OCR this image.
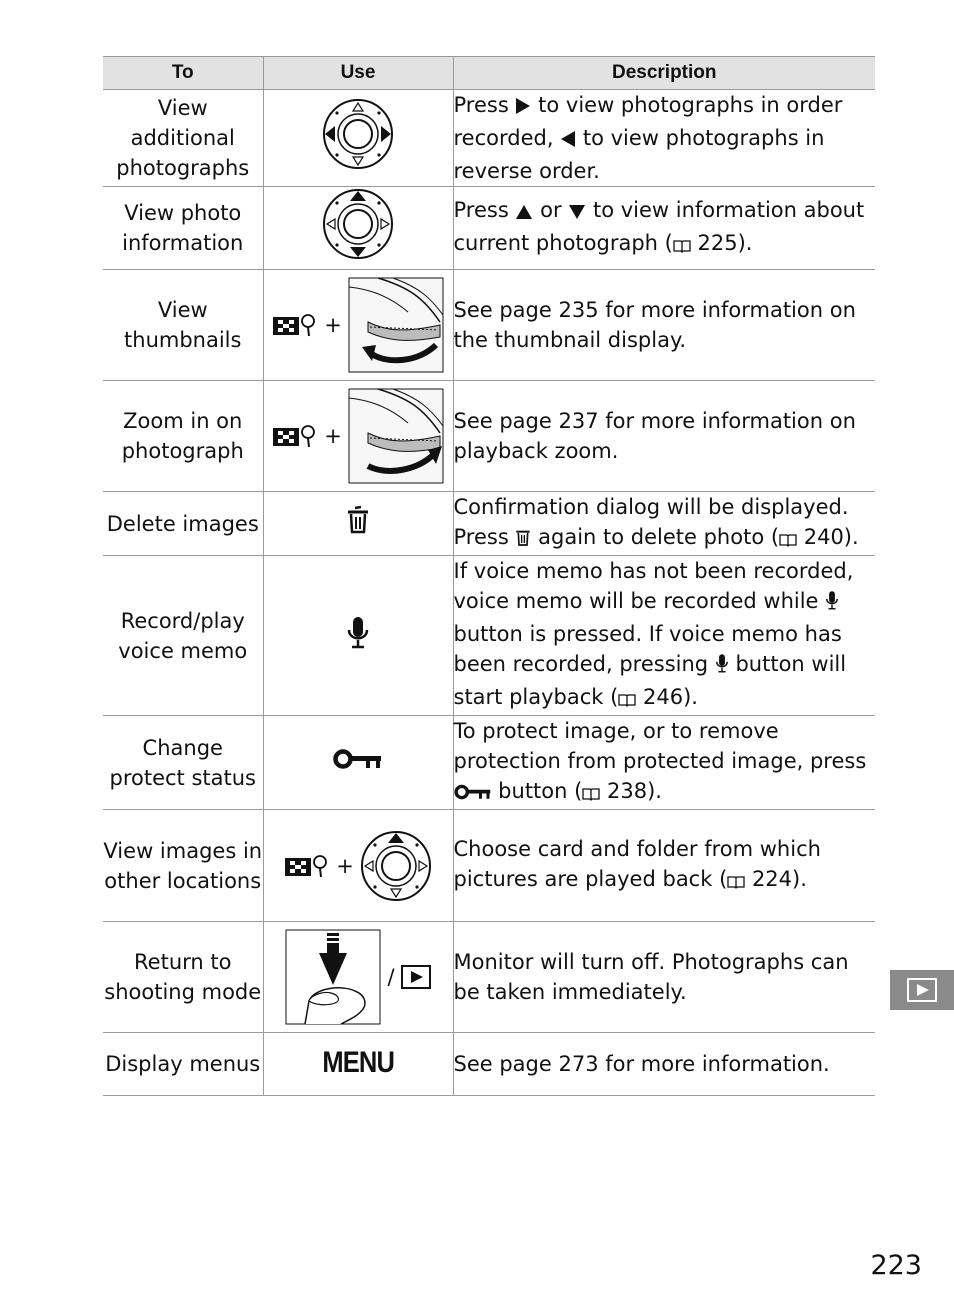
To	Use	Description
View additional photographs		Press  to view photographs in order recorded,  to view photographs in reverse order.
View photo information		Press  or  to view information about current photograph ( 225).
View thumbnails	+	See page 235 for more information on the thumbnail display.
Zoom in on photograph	+	See page 237 for more information on playback zoom.
Delete images		Confirmation dialog will be displayed. Press  again to delete photo ( 240).
Record/play voice memo		If voice memo has not been recorded, voice memo will be recorded while  button is pressed. If voice memo has been recorded, pressing  button will start playback ( 246).
Change protect status		To protect image, or to remove protection from protected image, press  button ( 238).
View images in other locations	+	Choose card and folder from which pictures are played back ( 224).
Return to shooting mode	/	Monitor will turn off. Photographs can be taken immediately.
Display menus	MENU	See page 273 for more information.
223
